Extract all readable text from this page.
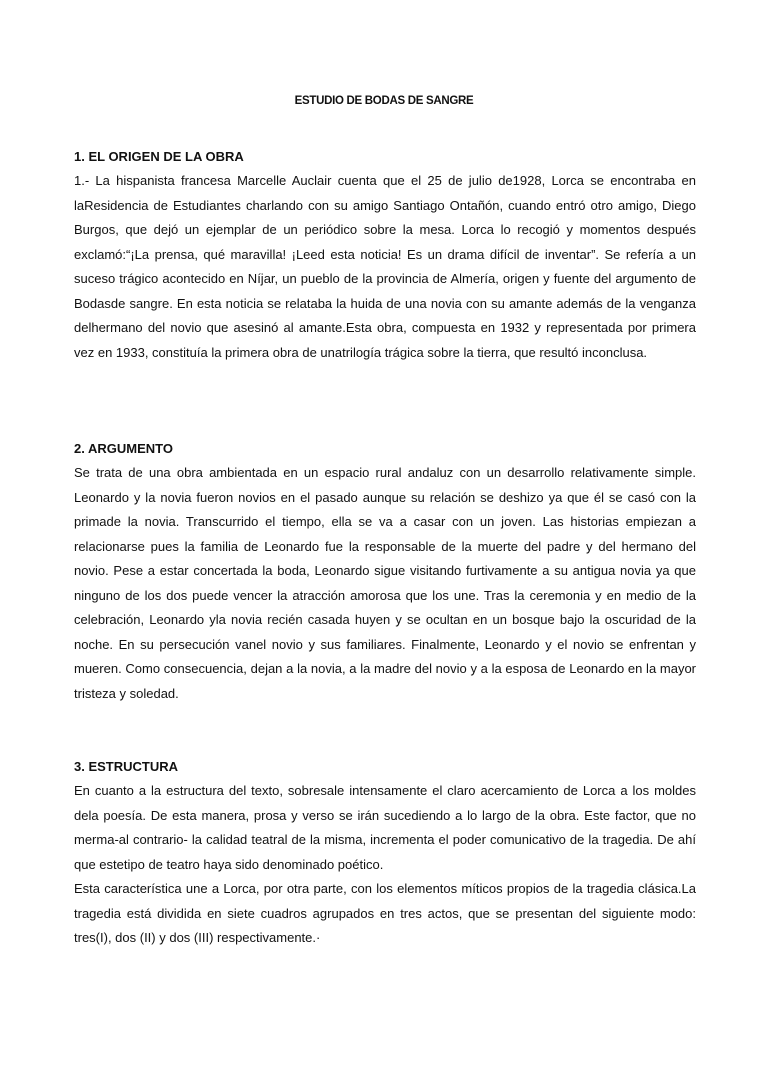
ESTUDIO DE BODAS DE SANGRE
1. EL ORIGEN DE LA OBRA

1.- La hispanista francesa Marcelle Auclair cuenta que el 25 de julio de1928, Lorca se encontraba en laResidencia de Estudiantes charlando con su amigo Santiago Ontañón, cuando entró otro amigo, Diego Burgos, que dejó un ejemplar de un periódico sobre la mesa. Lorca lo recogió y momentos después exclamó:“¡La prensa, qué maravilla! ¡Leed esta noticia! Es un drama difícil de inventar”. Se refería a un suceso trágico acontecido en Níjar, un pueblo de la provincia de Almería, origen y fuente del argumento de Bodasde sangre. En esta noticia se relataba la huida de una novia con su amante además de la venganza delhermano del novio que asesinó al amante.Esta obra, compuesta en 1932 y representada por primera vez en 1933, constituía la primera obra de unatrilogía trágica sobre la tierra, que resultó inconclusa.

2. ARGUMENTO

Se trata de una obra ambientada en un espacio rural andaluz con un desarrollo relativamente simple. Leonardo y la novia fueron novios en el pasado aunque su relación se deshizo ya que él se casó con la primade la novia. Transcurrido el tiempo, ella se va a casar con un joven. Las historias empiezan a relacionarse pues la familia de Leonardo fue la responsable de la muerte del padre y del hermano del novio. Pese a estar concertada la boda, Leonardo sigue visitando furtivamente a su antigua novia ya que ninguno de los dos puede vencer la atracción amorosa que los une. Tras la ceremonia y en medio de la celebración, Leonardo yla novia recién casada huyen y se ocultan en un bosque bajo la oscuridad de la noche. En su persecución vanel novio y sus familiares. Finalmente, Leonardo y el novio se enfrentan y mueren. Como consecuencia, dejan a la novia, a la madre del novio y a la esposa de Leonardo en la mayor tristeza y soledad.

3. ESTRUCTURA

En cuanto a la estructura del texto, sobresale intensamente el claro acercamiento de Lorca a los moldes dela poesía. De esta manera, prosa y verso se irán sucediendo a lo largo de la obra. Este factor, que no merma-al contrario- la calidad teatral de la misma, incrementa el poder comunicativo de la tragedia. De ahí que estetipo de teatro haya sido denominado poético.

Esta característica une a Lorca, por otra parte, con los elementos míticos propios de la tragedia clásica.La tragedia está dividida en siete cuadros agrupados en tres actos, que se presentan del siguiente modo: tres(I), dos (II) y dos (III) respectivamente.·
